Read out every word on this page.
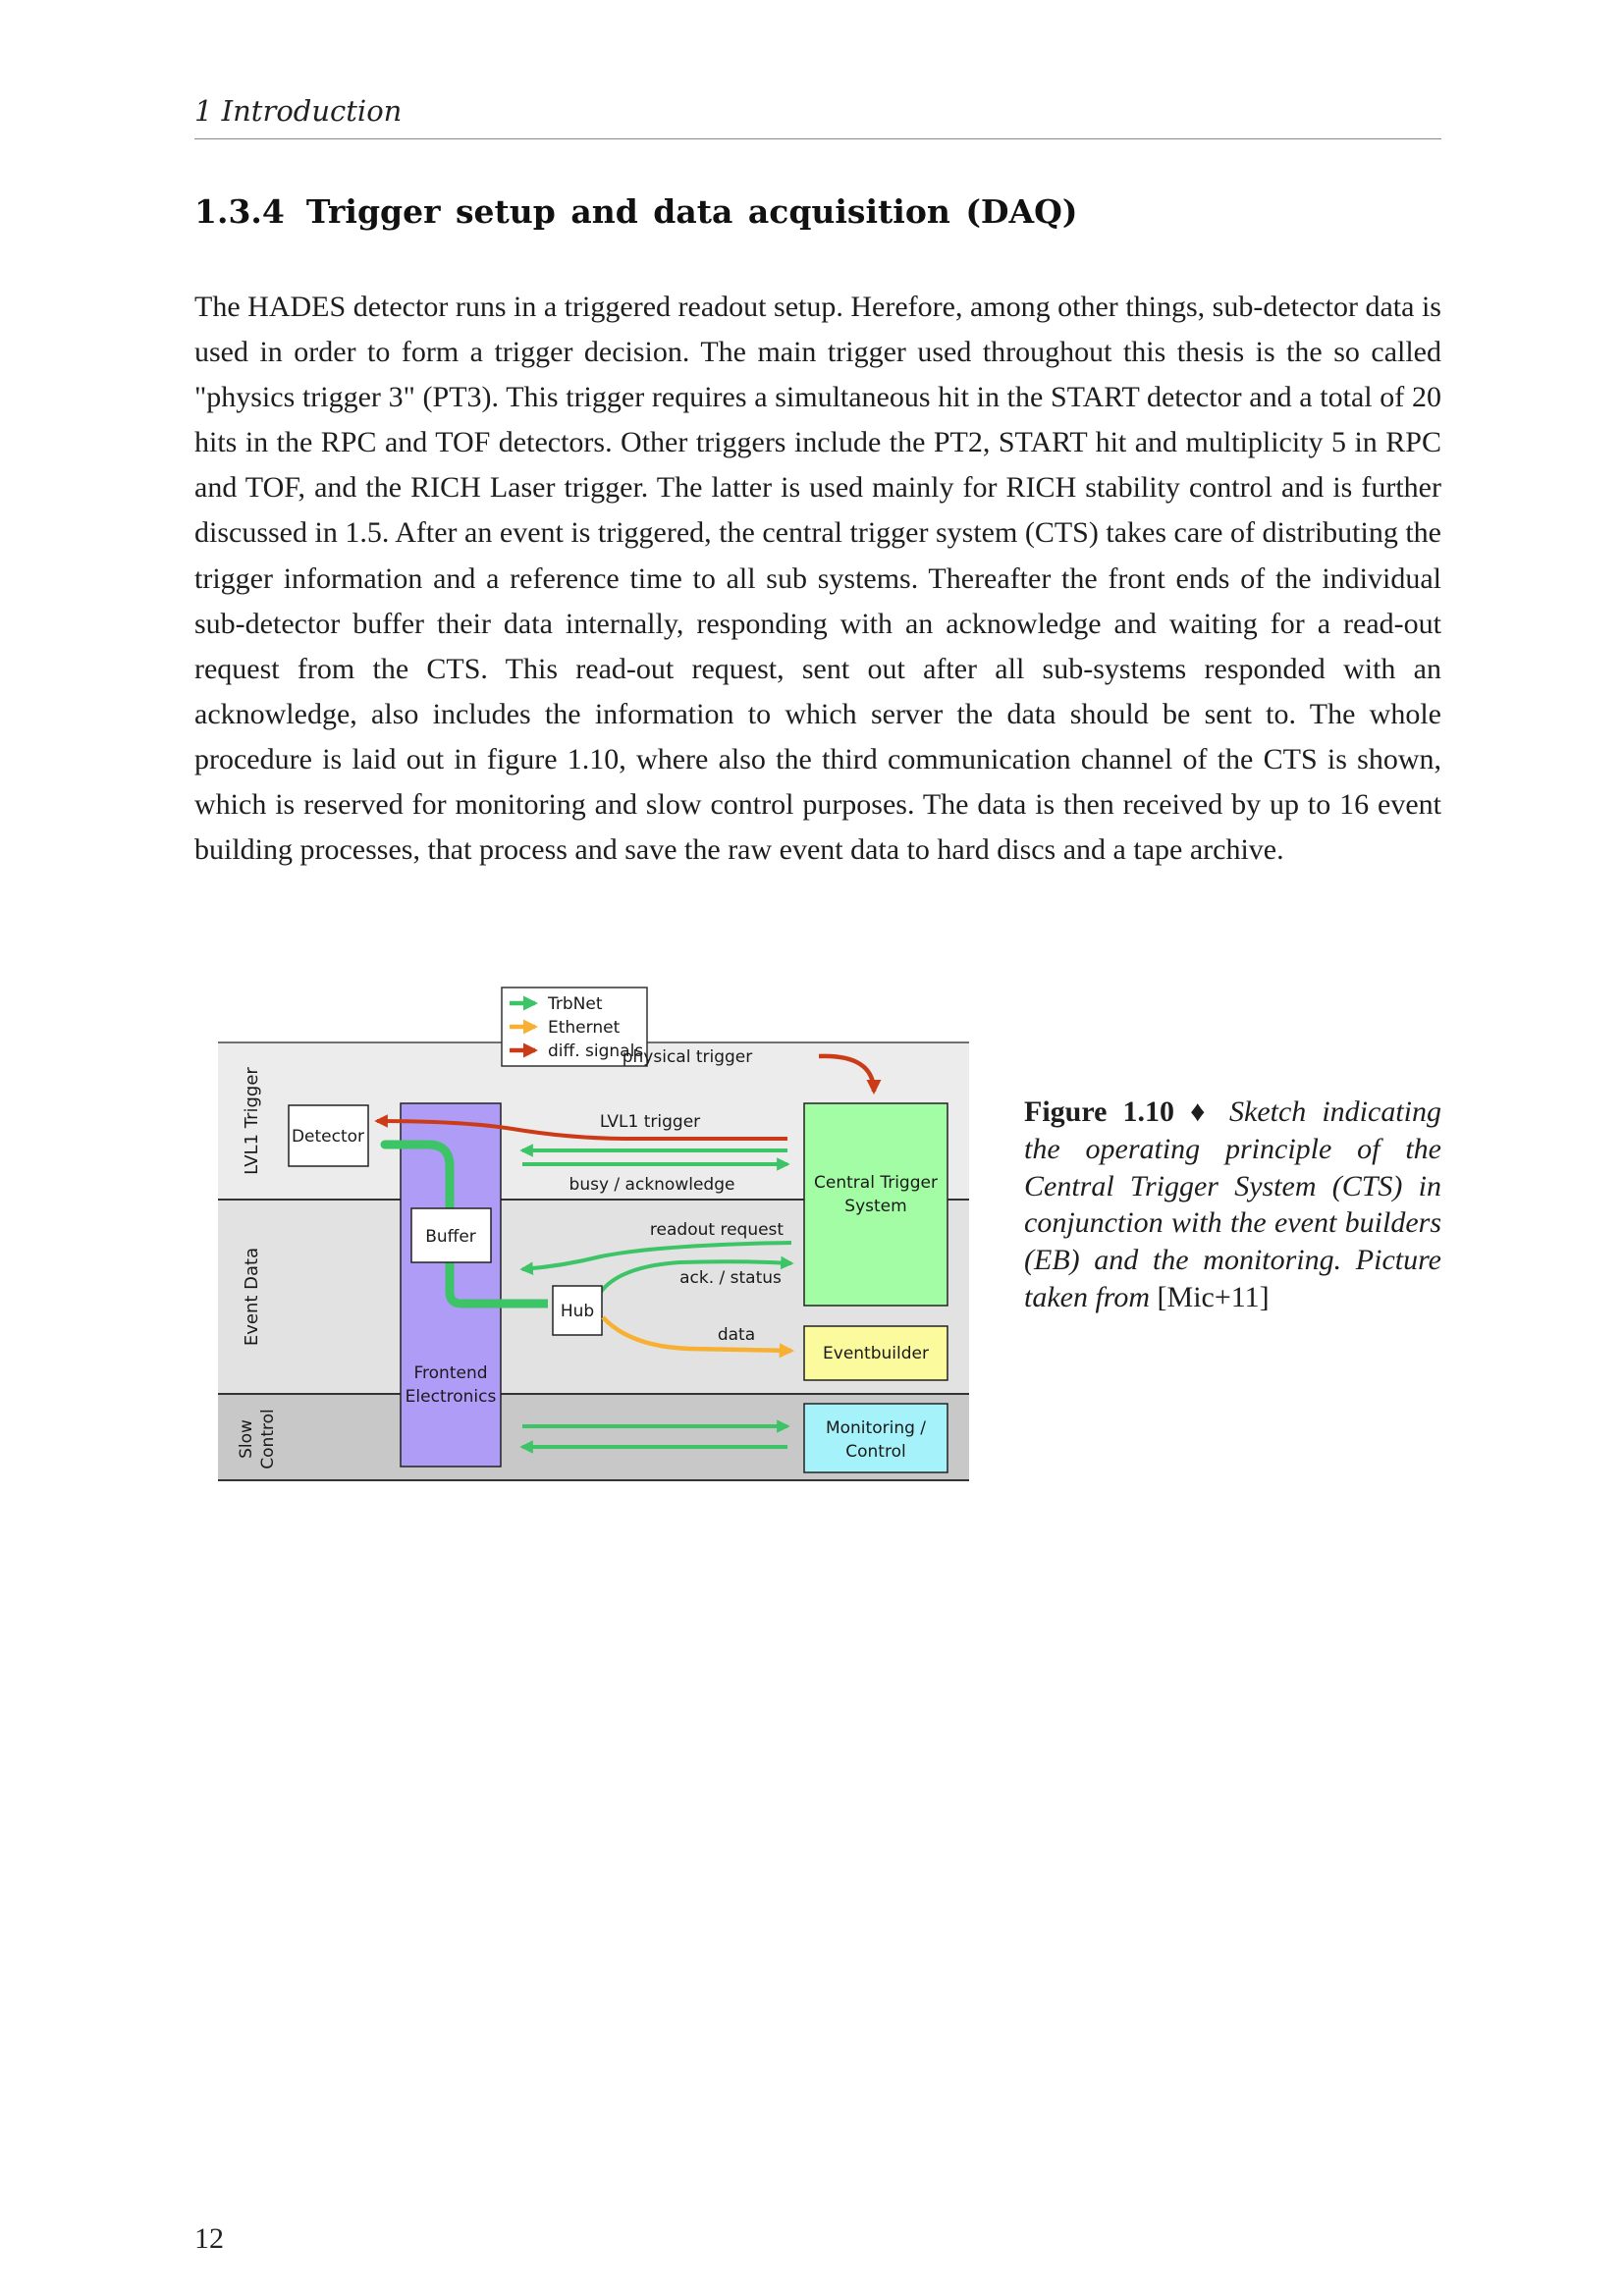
1 Introduction
1.3.4 Trigger setup and data acquisition (DAQ)

The HADES detector runs in a triggered readout setup. Herefore, among other things, sub-detector data is used in order to form a trigger decision. The main trigger used throughout this thesis is the so called "physics trigger 3" (PT3). This trigger requires a simultaneous hit in the START detector and a total of 20 hits in the RPC and TOF detectors. Other triggers include the PT2, START hit and multiplicity 5 in RPC and TOF, and the RICH Laser trigger. The latter is used mainly for RICH stability control and is further discussed in 1.5. After an event is triggered, the central trigger system (CTS) takes care of distributing the trigger information and a reference time to all sub systems. Thereafter the front ends of the individual sub-detector buffer their data internally, responding with an acknowledge and waiting for a read-out request from the CTS. This read-out request, sent out after all sub-systems responded with an acknowledge, also includes the information to which server the data should be sent to. The whole procedure is laid out in figure 1.10, where also the third communication channel of the CTS is shown, which is reserved for monitoring and slow control purposes. The data is then received by up to 16 event building processes, that process and save the raw event data to hard discs and a tape archive.

LVL1 Trigger
Event Data
Slow Control
TrbNet
Ethernet
diff. signals
Frontend
Electronics
Detector
Buffer
Central Trigger
System
physical trigger
LVL1 trigger
busy / acknowledge
readout request
ack. / status
Hub
data
Eventbuilder
Monitoring /
Control

Figure 1.10 ♦ Sketch indicating the operating principle of the Central Trigger System (CTS) in conjunction with the event builders (EB) and the monitoring. Picture taken from [Mic+11]

12
